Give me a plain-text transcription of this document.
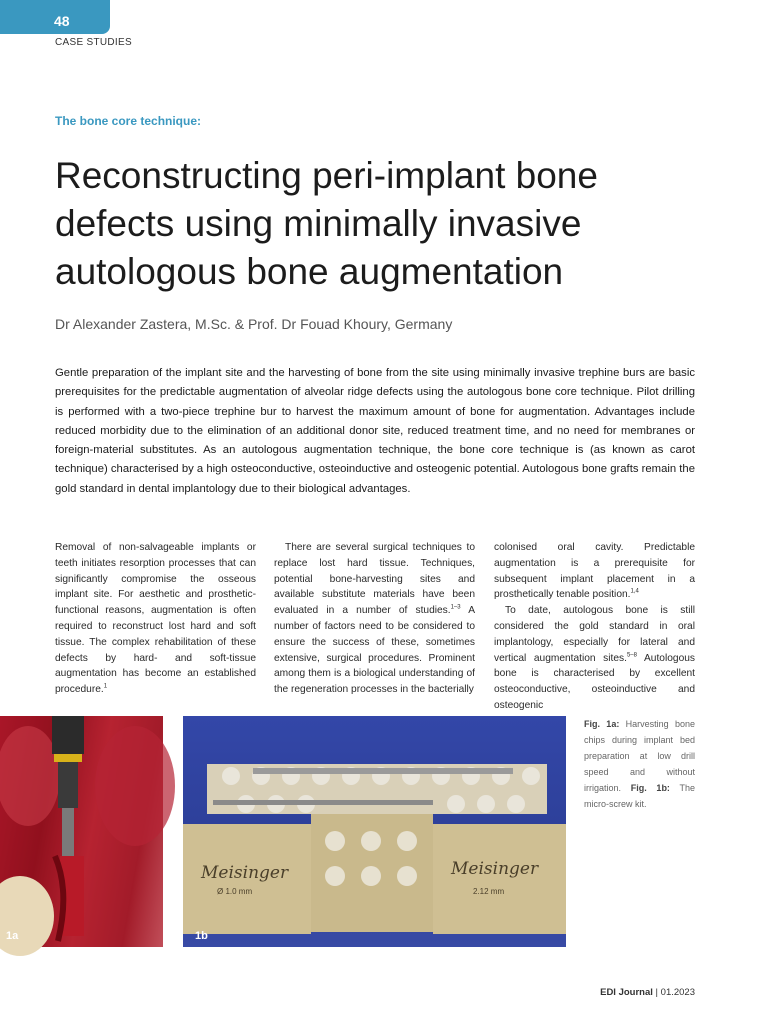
48
CASE STUDIES
The bone core technique:
Reconstructing peri-implant bone defects using minimally invasive autologous bone augmentation
Dr Alexander Zastera, M.Sc. & Prof. Dr Fouad Khoury, Germany

Gentle preparation of the implant site and the harvesting of bone from the site using minimally invasive trephine burs are basic prerequisites for the predictable augmentation of alveolar ridge defects using the autologous bone core technique. Pilot drilling is performed with a two-piece trephine bur to harvest the maximum amount of bone for augmentation. Advantages include reduced morbidity due to the elimination of an additional donor site, reduced treatment time, and no need for membranes or foreign-material substitutes. As an autologous augmentation technique, the bone core technique is (as known as carot technique) characterised by a high osteoconductive, osteoinductive and osteogenic potential. Autologous bone grafts remain the gold standard in dental implantology due to their biological advantages.

Removal of non-salvageable implants or teeth initiates resorption processes that can significantly compromise the osseous implant site. For aesthetic and prosthetic-functional reasons, augmentation is often required to reconstruct lost hard and soft tissue. The complex rehabilitation of these defects by hard- and soft-tissue augmentation has become an established procedure.$^1$

There are several surgical techniques to replace lost hard tissue. Techniques, potential bone-harvesting sites and available substitute materials have been evaluated in a number of studies.$^{1-3}$ A number of factors need to be considered to ensure the success of these, sometimes extensive, surgical procedures. Prominent among them is a biological understanding of the regeneration processes in the bacterially

colonised oral cavity. Predictable augmentation is a prerequisite for subsequent implant placement in a prosthetically tenable position.$^{1,4}$

To date, autologous bone is still considered the gold standard in oral implantology, especially for lateral and vertical augmentation sites.$^{5-8}$ Autologous bone is characterised by excellent osteoconductive, osteoinductive and osteogenic

1a
Meisinger
Ø 1.0 mm
Meisinger
2.12 mm
1b

Fig. 1a: Harvesting bone chips during implant bed preparation at low drill speed and without irrigation. Fig. 1b: The micro-screw kit.

EDI Journal | 01.2023
